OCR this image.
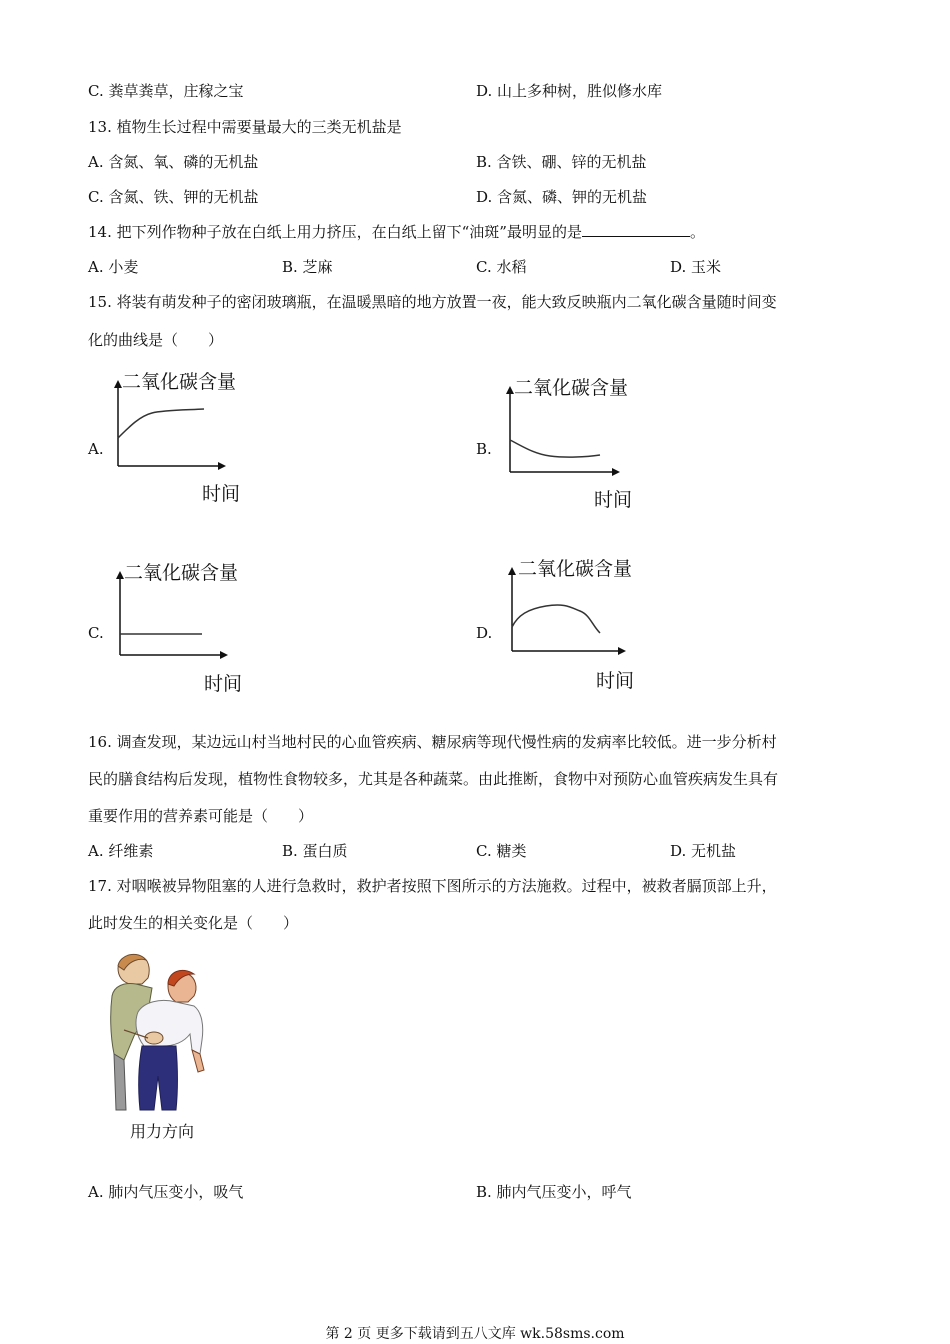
C. 粪草粪草，庄稼之宝	D. 山上多种树，胜似修水库
13. 植物生长过程中需要量最大的三类无机盐是
A. 含氮、氧、磷的无机盐	B. 含铁、硼、锌的无机盐
C. 含氮、铁、钾的无机盐	D. 含氮、磷、钾的无机盐
14. 把下列作物种子放在白纸上用力挤压，在白纸上留下“油斑”最明显的是	。
A. 小麦	B. 芝麻	C. 水稻	D. 玉米
15. 将装有萌发种子的密闭玻璃瓶，在温暖黑暗的地方放置一夜，能大致反映瓶内二氧化碳含量随时间变
化的曲线是（　　）
A.
二氧化碳含量
时间
B.
二氧化碳含量
时间
C.
二氧化碳含量
时间
D.
二氧化碳含量
时间
16. 调查发现，某边远山村当地村民的心血管疾病、糖尿病等现代慢性病的发病率比较低。进一步分析村
民的膳食结构后发现，植物性食物较多，尤其是各种蔬菜。由此推断，食物中对预防心血管疾病发生具有
重要作用的营养素可能是（　　）
A. 纤维素	B. 蛋白质	C. 糖类	D. 无机盐
17. 对咽喉被异物阻塞的人进行急救时，救护者按照下图所示的方法施救。过程中，被救者膈顶部上升，
此时发生的相关变化是（　　）
用力方向
A. 肺内气压变小，吸气	B. 肺内气压变小，呼气
第 2 页 更多下载请到五八文库 wk.58sms.com
